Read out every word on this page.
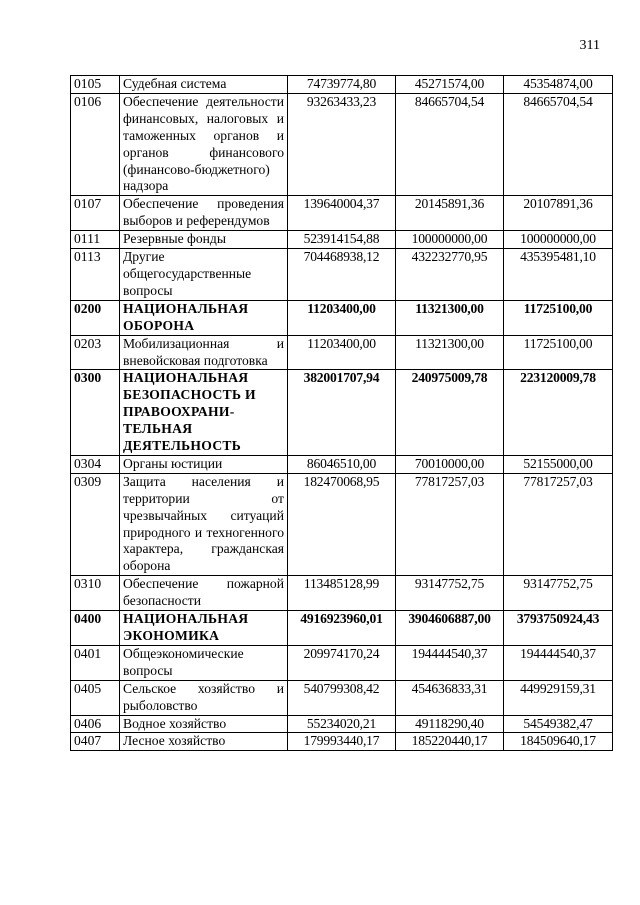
311
0105	Судебная система	74739774,80	45271574,00	45354874,00
0106	Обеспечение деятельности финансовых, налоговых и таможенных органов и органов финансового (финансово-бюджетного) надзора	93263433,23	84665704,54	84665704,54
0107	Обеспечение проведения выборов и референдумов	139640004,37	20145891,36	20107891,36
0111	Резервные фонды	523914154,88	100000000,00	100000000,00
0113	Другие общегосударственные вопросы	704468938,12	432232770,95	435395481,10
0200	НАЦИОНАЛЬНАЯ ОБОРОНА	11203400,00	11321300,00	11725100,00
0203	Мобилизационная и вневойсковая подготовка	11203400,00	11321300,00	11725100,00
0300	НАЦИОНАЛЬНАЯ БЕЗОПАСНОСТЬ И ПРАВООХРАНИ-ТЕЛЬНАЯ ДЕЯТЕЛЬНОСТЬ	382001707,94	240975009,78	223120009,78
0304	Органы юстиции	86046510,00	70010000,00	52155000,00
0309	Защита населения и территории от чрезвычайных ситуаций природного и техногенного характера, гражданская оборона	182470068,95	77817257,03	77817257,03
0310	Обеспечение пожарной безопасности	113485128,99	93147752,75	93147752,75
0400	НАЦИОНАЛЬНАЯ ЭКОНОМИКА	4916923960,01	3904606887,00	3793750924,43
0401	Общеэкономические вопросы	209974170,24	194444540,37	194444540,37
0405	Сельское хозяйство и рыболовство	540799308,42	454636833,31	449929159,31
0406	Водное хозяйство	55234020,21	49118290,40	54549382,47
0407	Лесное хозяйство	179993440,17	185220440,17	184509640,17
